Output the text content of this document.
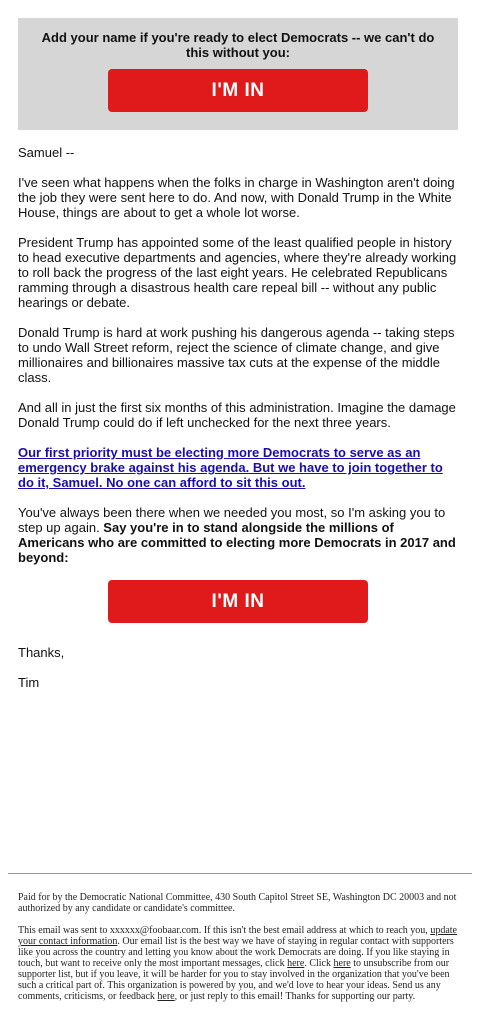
Add your name if you're ready to elect Democrats -- we can't do this without you:

I'M IN

Samuel --

I've seen what happens when the folks in charge in Washington aren't doing the job they were sent here to do. And now, with Donald Trump in the White House, things are about to get a whole lot worse.

President Trump has appointed some of the least qualified people in history to head executive departments and agencies, where they're already working to roll back the progress of the last eight years. He celebrated Republicans ramming through a disastrous health care repeal bill -- without any public hearings or debate.

Donald Trump is hard at work pushing his dangerous agenda -- taking steps to undo Wall Street reform, reject the science of climate change, and give millionaires and billionaires massive tax cuts at the expense of the middle class.

And all in just the first six months of this administration. Imagine the damage Donald Trump could do if left unchecked for the next three years.

Our first priority must be electing more Democrats to serve as an emergency brake against his agenda. But we have to join together to do it, Samuel. No one can afford to sit this out.

You've always been there when we needed you most, so I'm asking you to step up again. Say you're in to stand alongside the millions of Americans who are committed to electing more Democrats in 2017 and beyond:

I'M IN

Thanks,

Tim

Paid for by the Democratic National Committee, 430 South Capitol Street SE, Washington DC 20003 and not authorized by any candidate or candidate's committee.

This email was sent to xxxxxx@foobaar.com. If this isn't the best email address at which to reach you, update your contact information. Our email list is the best way we have of staying in regular contact with supporters like you across the country and letting you know about the work Democrats are doing. If you like staying in touch, but want to receive only the most important messages, click here. Click here to unsubscribe from our supporter list, but if you leave, it will be harder for you to stay involved in the organization that you've been such a critical part of. This organization is powered by you, and we'd love to hear your ideas. Send us any comments, criticisms, or feedback here, or just reply to this email! Thanks for supporting our party.
